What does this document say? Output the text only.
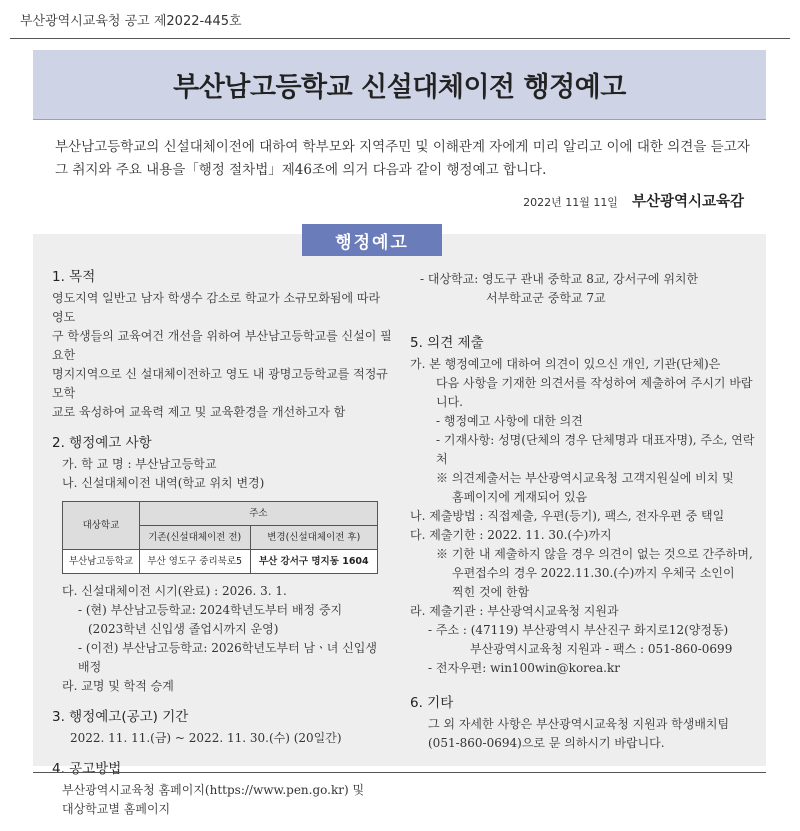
부산광역시교육청 공고 제2022-445호
부산남고등학교 신설대체이전 행정예고
부산남고등학교의 신설대체이전에 대하여 학부모와 지역주민 및 이해관계 자에게 미리 알리고 이에 대한 의견을 듣고자
그 취지와 주요 내용을「행정 절차법」제46조에 의거 다음과 같이 행정예고 합니다.
2022년 11월 11일 부산광역시교육감
행정예고
1. 목적
영도지역 일반고 남자 학생수 감소로 학교가 소규모화됨에 따라 영도
구 학생들의 교육여건 개선을 위하여 부산남고등학교를 신설이 필요한
명지지역으로 신 설대체이전하고 영도 내 광명고등학교를 적정규모학
교로 육성하여 교육력 제고 및 교육환경을 개선하고자 함
2. 행정예고 사항
가. 학 교 명 : 부산남고등학교
나. 신설대체이전 내역(학교 위치 변경)
대상학교	주소	
	기존(신설대체이전 전)	변경(신설대체이전 후)
부산남고등학교	부산 영도구 중리북로5	부산 강서구 명지동 1604
다. 신설대체이전 시기(완료) : 2026. 3. 1.
- (현) 부산남고등학교: 2024학년도부터 배정 중지
(2023학년 신입생 졸업시까지 운영)
- (이전) 부산남고등학교: 2026학년도부터 남ㆍ녀 신입생 배정
라. 교명 및 학적 승계
3. 행정예고(공고) 기간
2022. 11. 11.(금) ~ 2022. 11. 30.(수) (20일간)
4. 공고방법
부산광역시교육청 홈페이지(https://www.pen.go.kr) 및
대상학교별 홈페이지
- 대상학교: 영도구 관내 중학교 8교, 강서구에 위치한
서부학교군 중학교 7교
5. 의견 제출
가. 본 행정예고에 대하여 의견이 있으신 개인, 기관(단체)은
다음 사항을 기재한 의견서를 작성하여 제출하여 주시기 바랍니다.
- 행정예고 사항에 대한 의견
- 기재사항: 성명(단체의 경우 단체명과 대표자명), 주소, 연락처
※ 의견제출서는 부산광역시교육청 고객지원실에 비치 및
홈페이지에 게재되어 있음
나. 제출방법 : 직접제출, 우편(등기), 팩스, 전자우편 중 택일
다. 제출기한 : 2022. 11. 30.(수)까지
※ 기한 내 제출하지 않을 경우 의견이 없는 것으로 간주하며,
우편접수의 경우 2022.11.30.(수)까지 우체국 소인이
찍힌 것에 한함
라. 제출기관 : 부산광역시교육청 지원과
- 주소 : (47119) 부산광역시 부산진구 화지로12(양정동)
부산광역시교육청 지원과 - 팩스 : 051-860-0699
- 전자우편: win100win@korea.kr
6. 기타
그 외 자세한 사항은 부산광역시교육청 지원과 학생배치팀
(051-860-0694)으로 문 의하시기 바랍니다.
